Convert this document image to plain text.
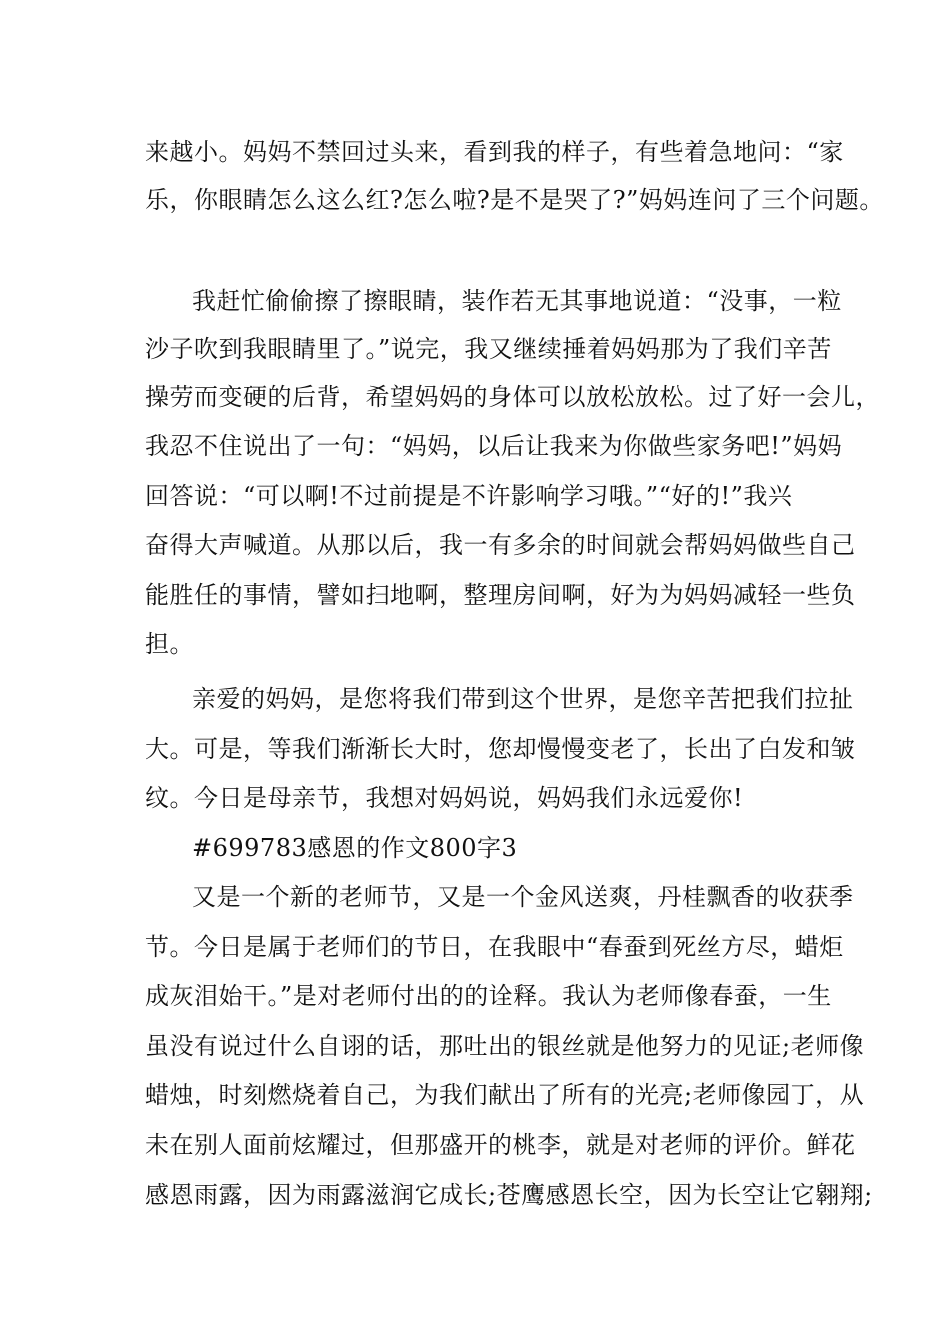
来越小。妈妈不禁回过头来，看到我的样子，有些着急地问：“家
乐，你眼睛怎么这么红?怎么啦?是不是哭了?”妈妈连问了三个问题。
我赶忙偷偷擦了擦眼睛，装作若无其事地说道：“没事，一粒
沙子吹到我眼睛里了。”说完，我又继续捶着妈妈那为了我们辛苦
操劳而变硬的后背，希望妈妈的身体可以放松放松。过了好一会儿，
我忍不住说出了一句：“妈妈，以后让我来为你做些家务吧!”妈妈
回答说：“可以啊!不过前提是不许影响学习哦。”“好的!”我兴
奋得大声喊道。从那以后，我一有多余的时间就会帮妈妈做些自己
能胜任的事情，譬如扫地啊，整理房间啊，好为为妈妈减轻一些负
担。
亲爱的妈妈，是您将我们带到这个世界，是您辛苦把我们拉扯
大。可是，等我们渐渐长大时，您却慢慢变老了，长出了白发和皱
纹。今日是母亲节，我想对妈妈说，妈妈我们永远爱你!
#699783感恩的作文800字3
又是一个新的老师节，又是一个金风送爽，丹桂飘香的收获季
节。今日是属于老师们的节日，在我眼中“春蚕到死丝方尽，蜡炬
成灰泪始干。”是对老师付出的的诠释。我认为老师像春蚕，一生
虽没有说过什么自诩的话，那吐出的银丝就是他努力的见证;老师像
蜡烛，时刻燃烧着自己，为我们献出了所有的光亮;老师像园丁，从
未在别人面前炫耀过，但那盛开的桃李，就是对老师的评价。鲜花
感恩雨露，因为雨露滋润它成长;苍鹰感恩长空，因为长空让它翱翔;
